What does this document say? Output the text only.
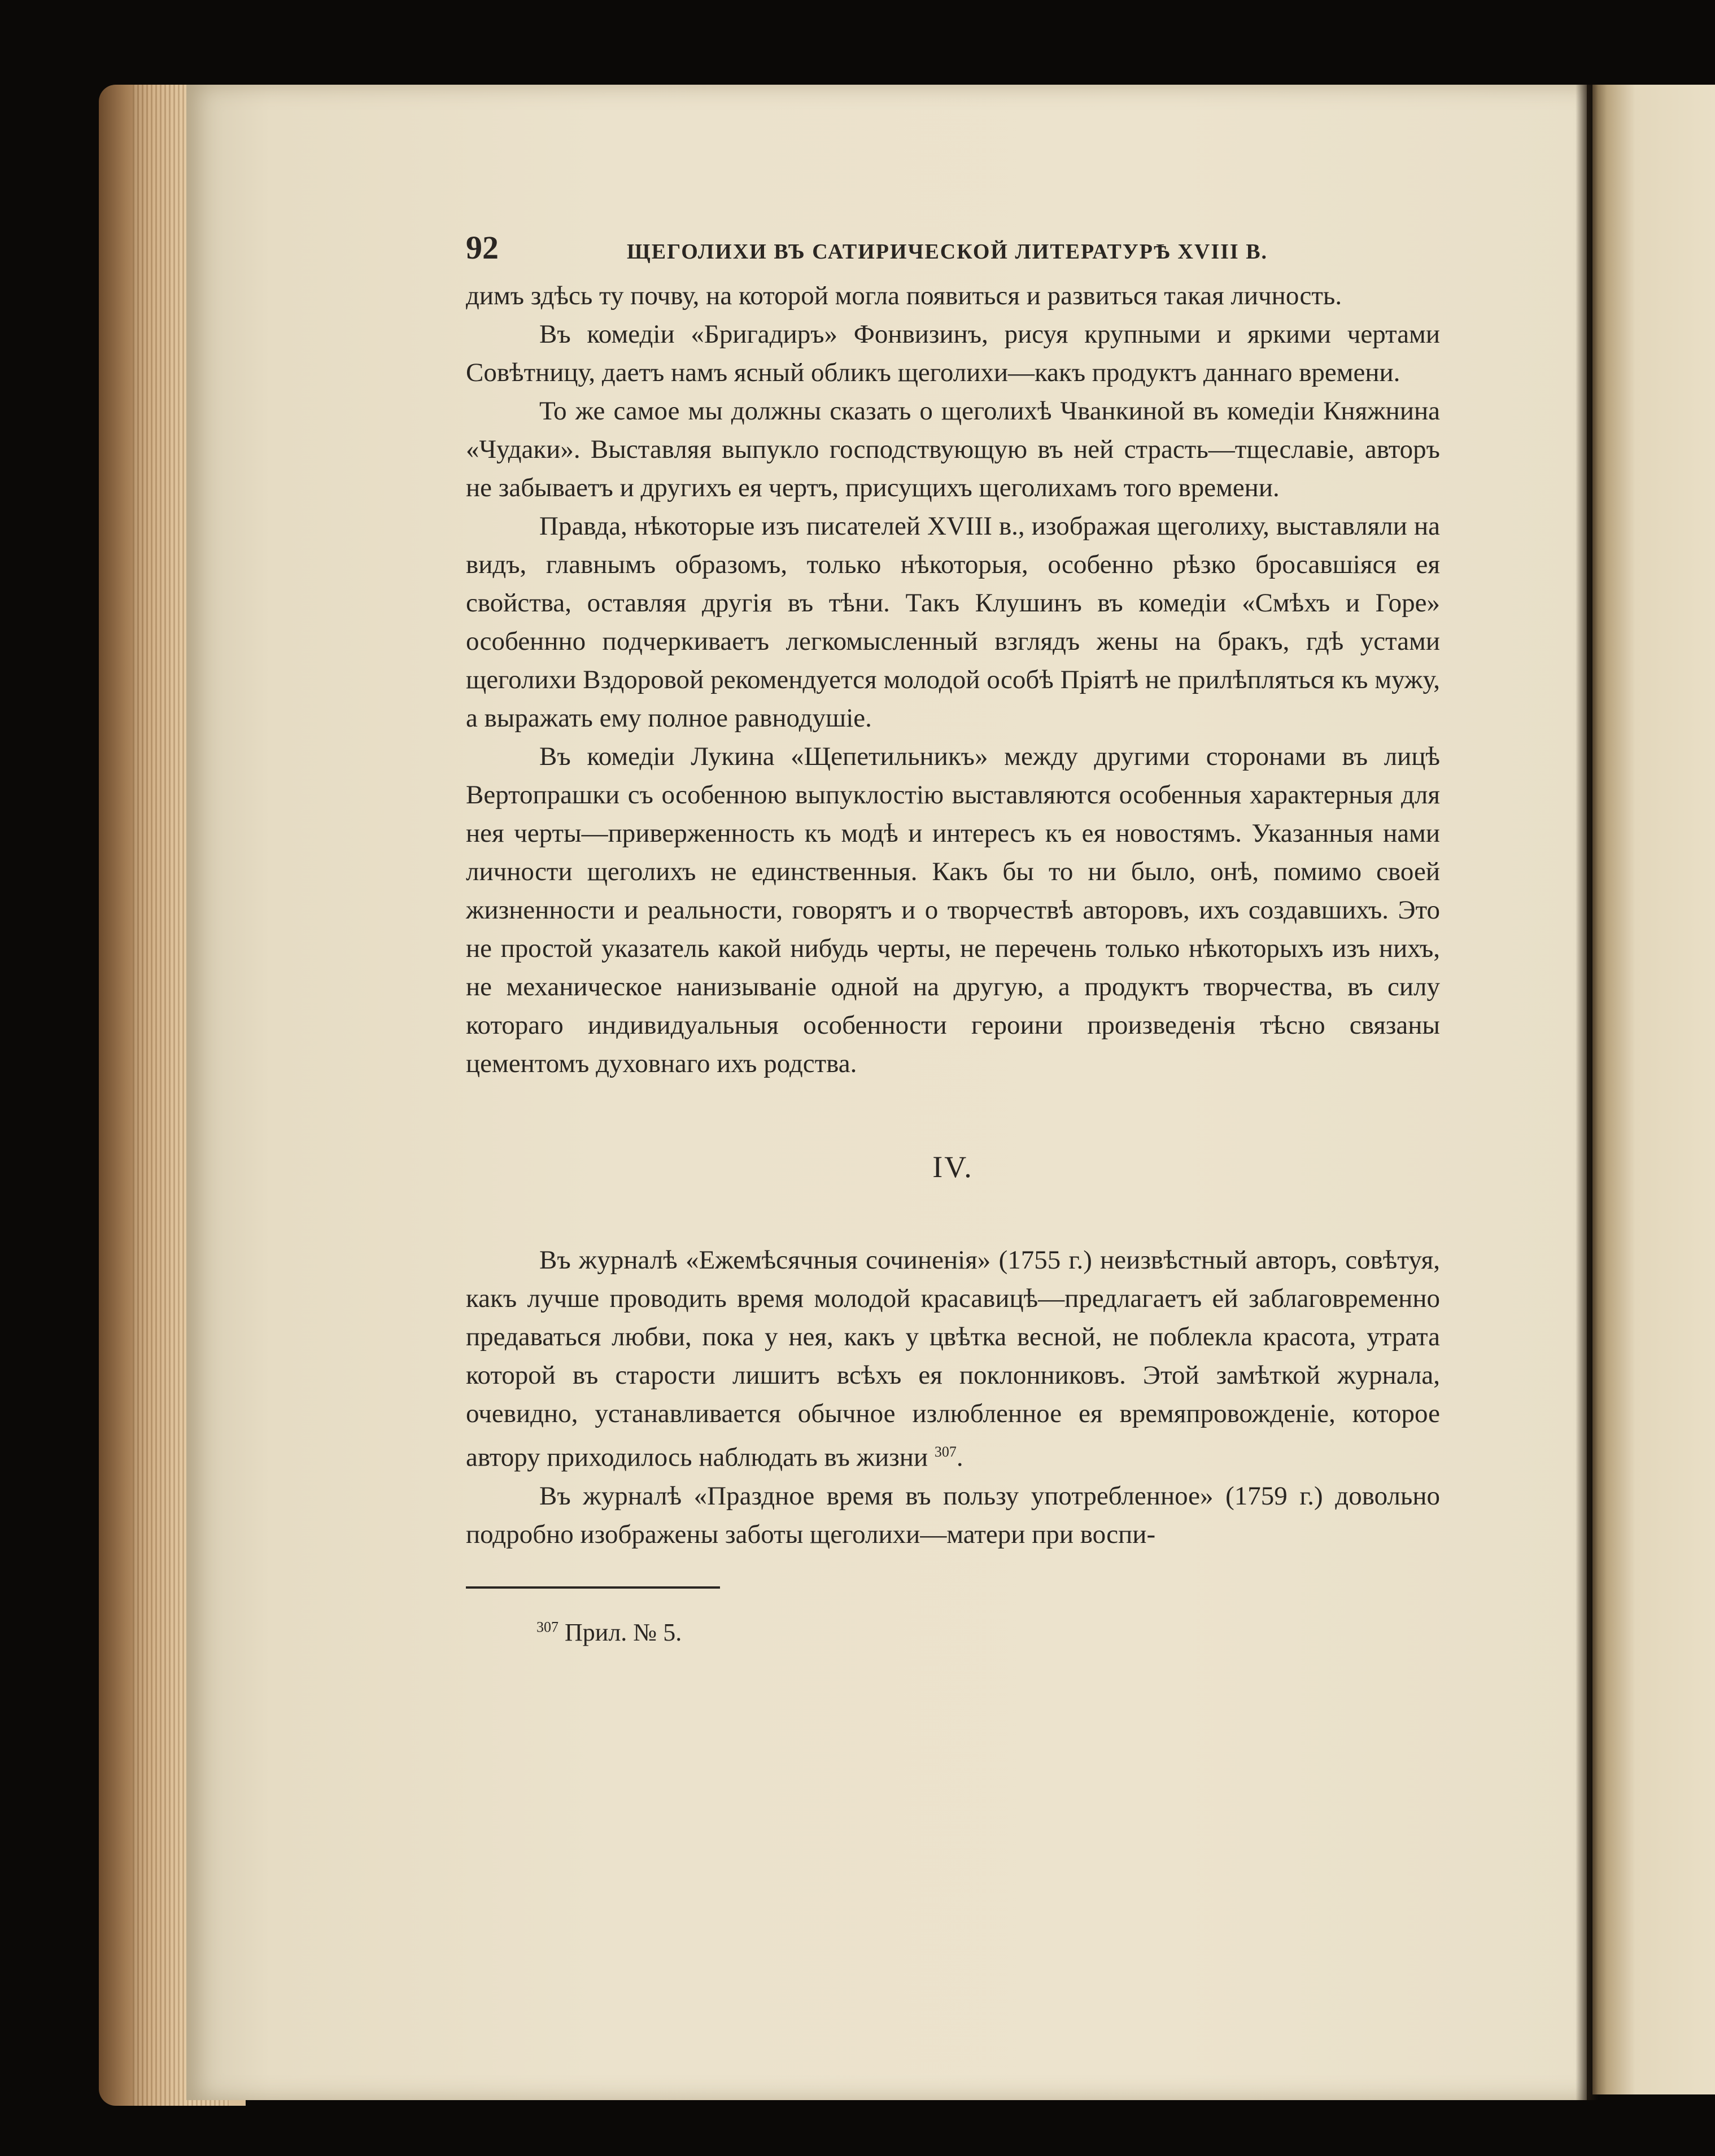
92	ЩЕГОЛИХИ ВЪ САТИРИЧЕСКОЙ ЛИТЕРАТУРѢ XVIII В.

димъ здѣсь ту почву, на которой могла появиться и развиться такая личность.

Въ комедіи «Бригадиръ» Фонвизинъ, рисуя крупными и яркими чертами Совѣтницу, даетъ намъ ясный обликъ щеголихи—какъ продуктъ даннаго времени.

То же самое мы должны сказать о щеголихѣ Чванкиной въ комедіи Княжнина «Чудаки». Выставляя выпукло господствующую въ ней страсть—тщеславіе, авторъ не забываетъ и другихъ ея чертъ, присущихъ щеголихамъ того времени.

Правда, нѣкоторые изъ писателей XVIII в., изображая щеголиху, выставляли на видъ, главнымъ образомъ, только нѣкоторыя, особенно рѣзко бросавшіяся ея свойства, оставляя другія въ тѣни. Такъ Клушинъ въ комедіи «Смѣхъ и Горе» особеннно подчеркиваетъ легкомысленный взглядъ жены на бракъ, гдѣ устами щеголихи Вздоровой рекомендуется молодой особѣ Пріятѣ не прилѣпляться къ мужу, а выражать ему полное равнодушіе.

Въ комедіи Лукина «Щепетильникъ» между другими сторонами въ лицѣ Вертопрашки съ особенною выпуклостію выставляются особенныя характерныя для нея черты—приверженность къ модѣ и интересъ къ ея новостямъ. Указанныя нами личности щеголихъ не единственныя. Какъ бы то ни было, онѣ, помимо своей жизненности и реальности, говорятъ и о творчествѣ авторовъ, ихъ создавшихъ. Это не простой указатель какой нибудь черты, не перечень только нѣкоторыхъ изъ нихъ, не механическое нанизываніе одной на другую, а продуктъ творчества, въ силу котораго индивидуальныя особенности героини произведенія тѣсно связаны цементомъ духовнаго ихъ родства.

IV.

Въ журналѣ «Ежемѣсячныя сочиненія» (1755 г.) неизвѣстный авторъ, совѣтуя, какъ лучше проводить время молодой красавицѣ—предлагаетъ ей заблаговременно предаваться любви, пока у нея, какъ у цвѣтка весной, не поблекла красота, утрата которой въ старости лишитъ всѣхъ ея поклонниковъ. Этой замѣткой журнала, очевидно, устанавливается обычное излюбленное ея времяпровожденіе, которое автору приходилось наблюдать въ жизни $^{307}$.

Въ журналѣ «Праздное время въ пользу употребленное» (1759 г.) довольно подробно изображены заботы щеголихи—матери при воспи-

$^{307}$ Прил. № 5.
